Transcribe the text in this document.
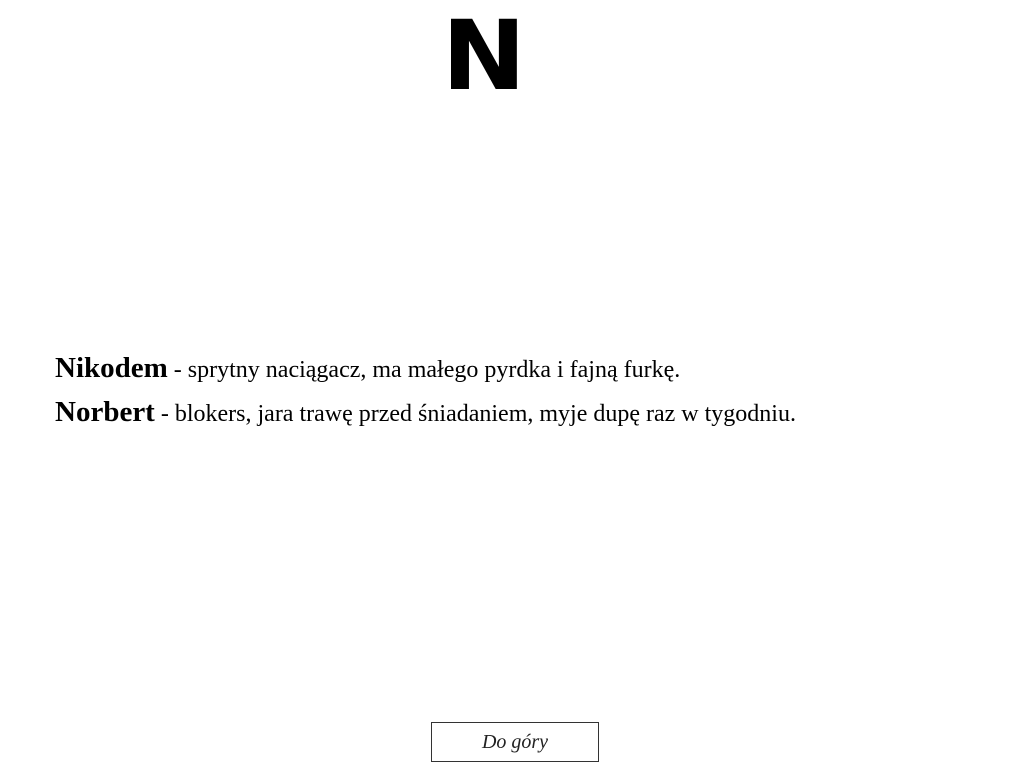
N

Nikodem - sprytny naciągacz, ma małego pyrdka i fajną furkę.

Norbert - blokers, jara trawę przed śniadaniem, myje dupę raz w tygodniu.

Do góry
